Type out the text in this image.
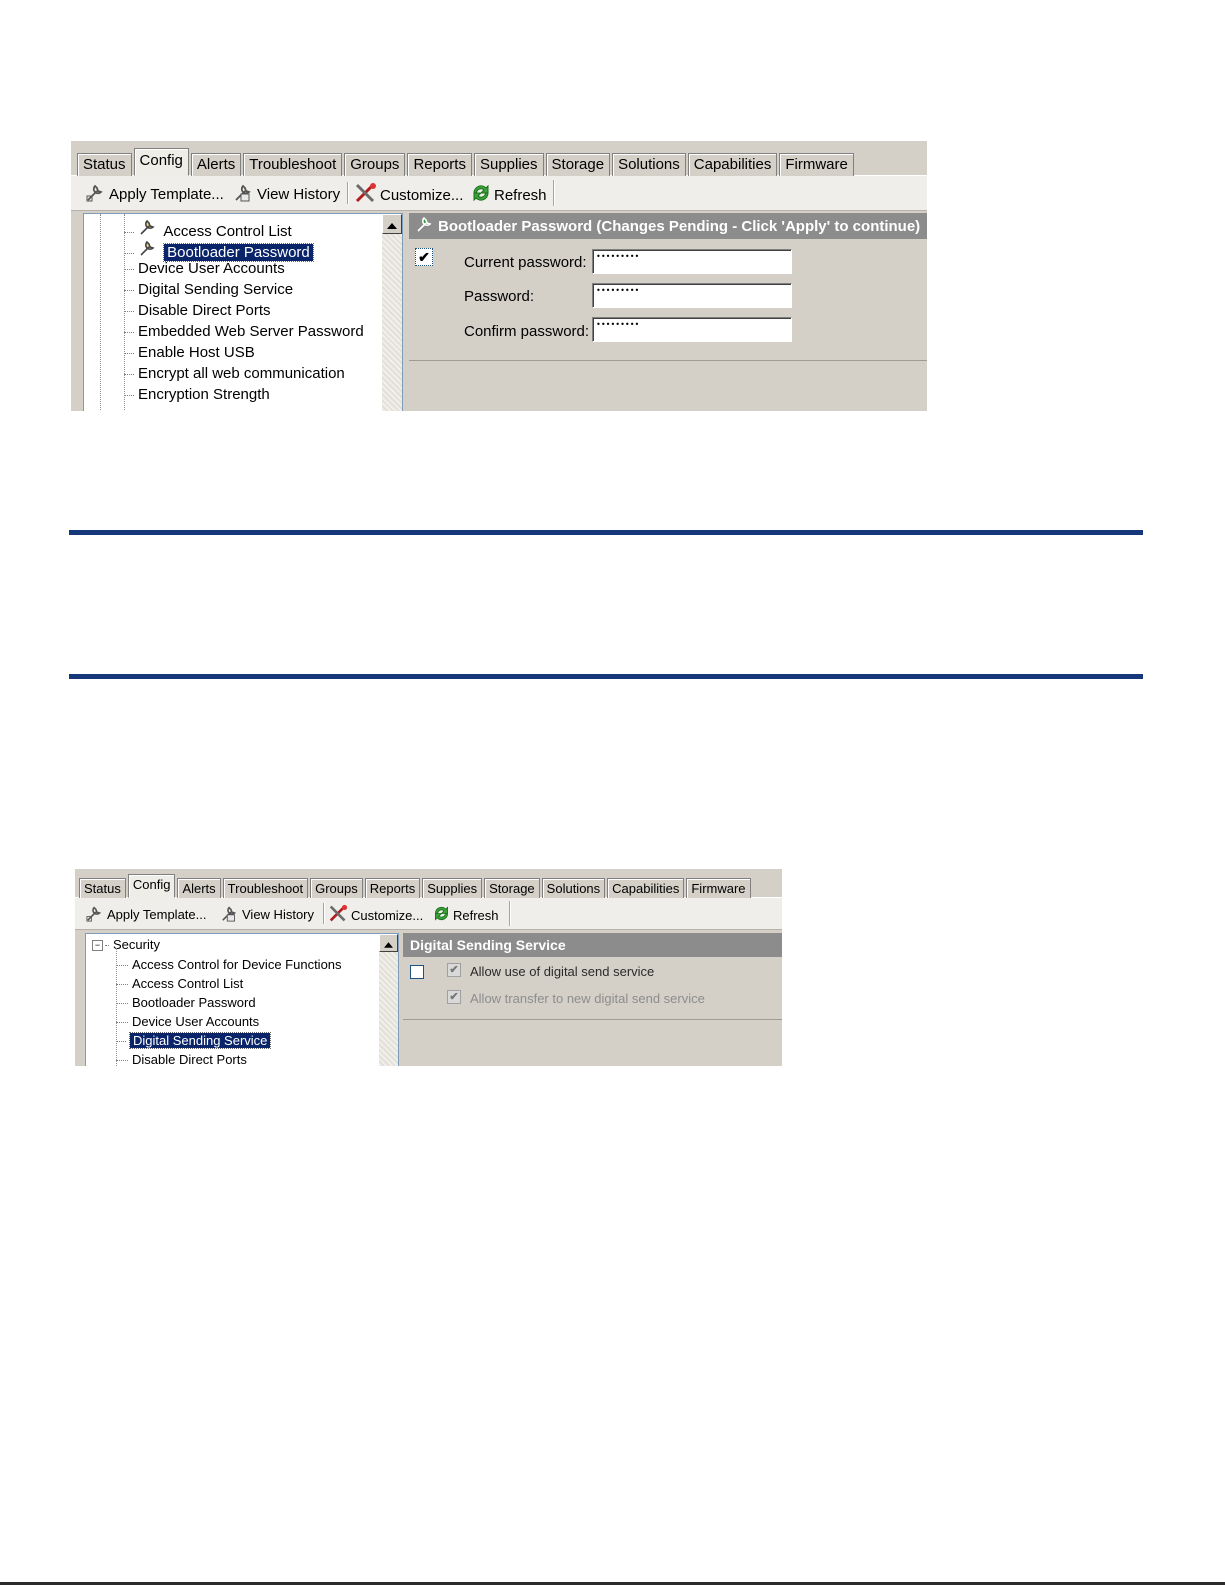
Status Config Alerts Troubleshoot Groups Reports Supplies Storage Solutions Capabilities Firmware
Apply Template... View History	Customize... Refresh
Access Control List
Bootloader Password
Device User Accounts
Digital Sending Service
Disable Direct Ports
Embedded Web Server Password
Enable Host USB
Encrypt all web communication
Encryption Strength
Bootloader Password (Changes Pending - Click 'Apply' to continue)
✔ Current password:	•••••••••
Password:	•••••••••
Confirm password: •••••••••
Status Config Alerts Troubleshoot Groups Reports Supplies Storage Solutions Capabilities Firmware
Apply Template...	View History	Customize... Refresh
− Security
Access Control for Device Functions
Access Control List
Bootloader Password
Device User Accounts
Digital Sending Service
Disable Direct Ports
Digital Sending Service
✔ Allow use of digital send service
✔ Allow transfer to new digital send service
